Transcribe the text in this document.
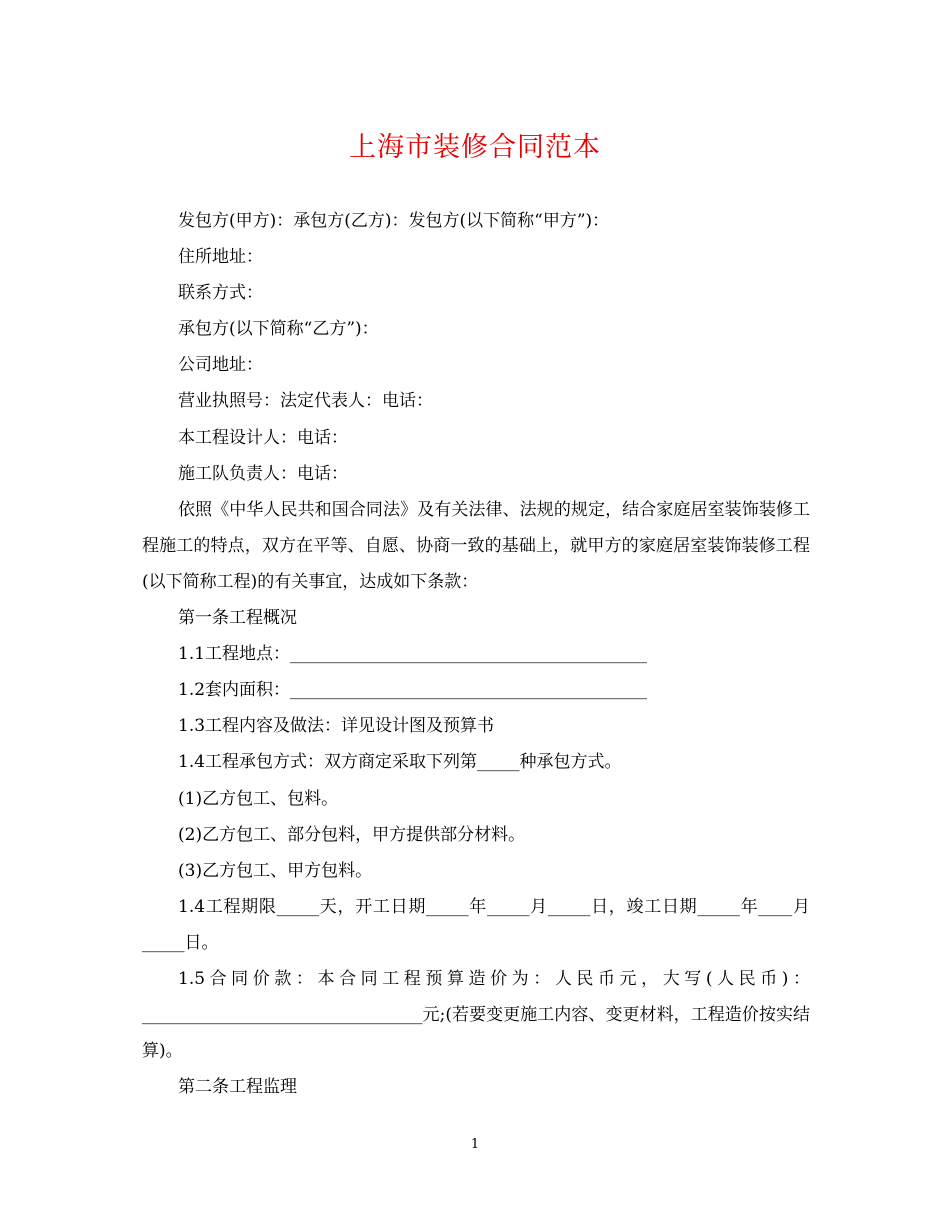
上海市装修合同范本

发包方(甲方)：承包方(乙方)：发包方(以下简称“甲方”)：

住所地址：

联系方式：

承包方(以下简称“乙方”)：

公司地址：

营业执照号：法定代表人：电话：

本工程设计人：电话：

施工队负责人：电话：

依照《中华人民共和国合同法》及有关法律、法规的规定，结合家庭居室装饰装修工程施工的特点，双方在平等、自愿、协商一致的基础上，就甲方的家庭居室装饰装修工程(以下简称工程)的有关事宜，达成如下条款：

第一条工程概况

1.1工程地点：__________________________________________

1.2套内面积：__________________________________________

1.3工程内容及做法：详见设计图及预算书

1.4工程承包方式：双方商定采取下列第_____种承包方式。

(1)乙方包工、包料。

(2)乙方包工、部分包料，甲方提供部分材料。

(3)乙方包工、甲方包料。

1.4工程期限_____天，开工日期_____年_____月_____日，竣工日期_____年____月_____日。

1.5合同价款：本合同工程预算造价为：人民币元，大写(人民币)：_________________________________元;(若要变更施工内容、变更材料，工程造价按实结算)。

第二条工程监理

1
